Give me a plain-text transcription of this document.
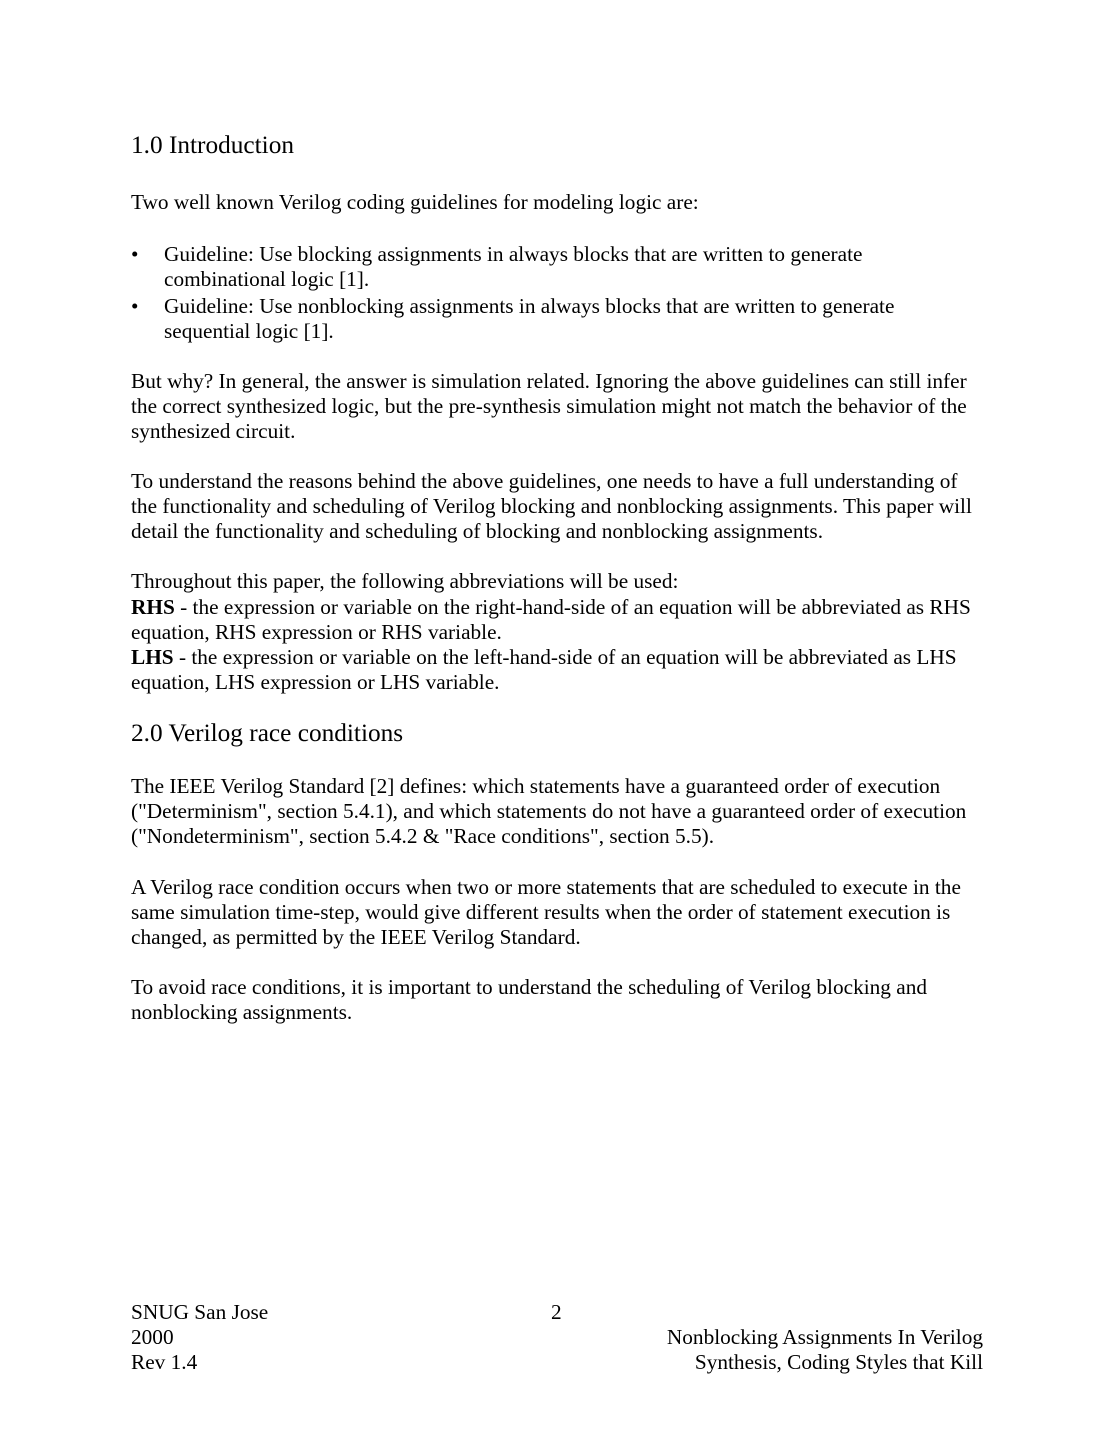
1.0 Introduction

Two well known Verilog coding guidelines for modeling logic are:

• Guideline: Use blocking assignments in always blocks that are written to generate combinational logic [1].
• Guideline: Use nonblocking assignments in always blocks that are written to generate sequential logic [1].

But why? In general, the answer is simulation related. Ignoring the above guidelines can still infer the correct synthesized logic, but the pre-synthesis simulation might not match the behavior of the synthesized circuit.

To understand the reasons behind the above guidelines, one needs to have a full understanding of the functionality and scheduling of Verilog blocking and nonblocking assignments. This paper will detail the functionality and scheduling of blocking and nonblocking assignments.

Throughout this paper, the following abbreviations will be used:

RHS - the expression or variable on the right-hand-side of an equation will be abbreviated as RHS equation, RHS expression or RHS variable.

LHS - the expression or variable on the left-hand-side of an equation will be abbreviated as LHS equation, LHS expression or LHS variable.

2.0 Verilog race conditions

The IEEE Verilog Standard [2] defines: which statements have a guaranteed order of execution ("Determinism", section 5.4.1), and which statements do not have a guaranteed order of execution ("Nondeterminism", section 5.4.2 & "Race conditions", section 5.5).

A Verilog race condition occurs when two or more statements that are scheduled to execute in the same simulation time-step, would give different results when the order of statement execution is changed, as permitted by the IEEE Verilog Standard.

To avoid race conditions, it is important to understand the scheduling of Verilog blocking and nonblocking assignments.

SNUG San Jose
2000
Rev 1.4
2
Nonblocking Assignments In Verilog
Synthesis, Coding Styles that Kill
